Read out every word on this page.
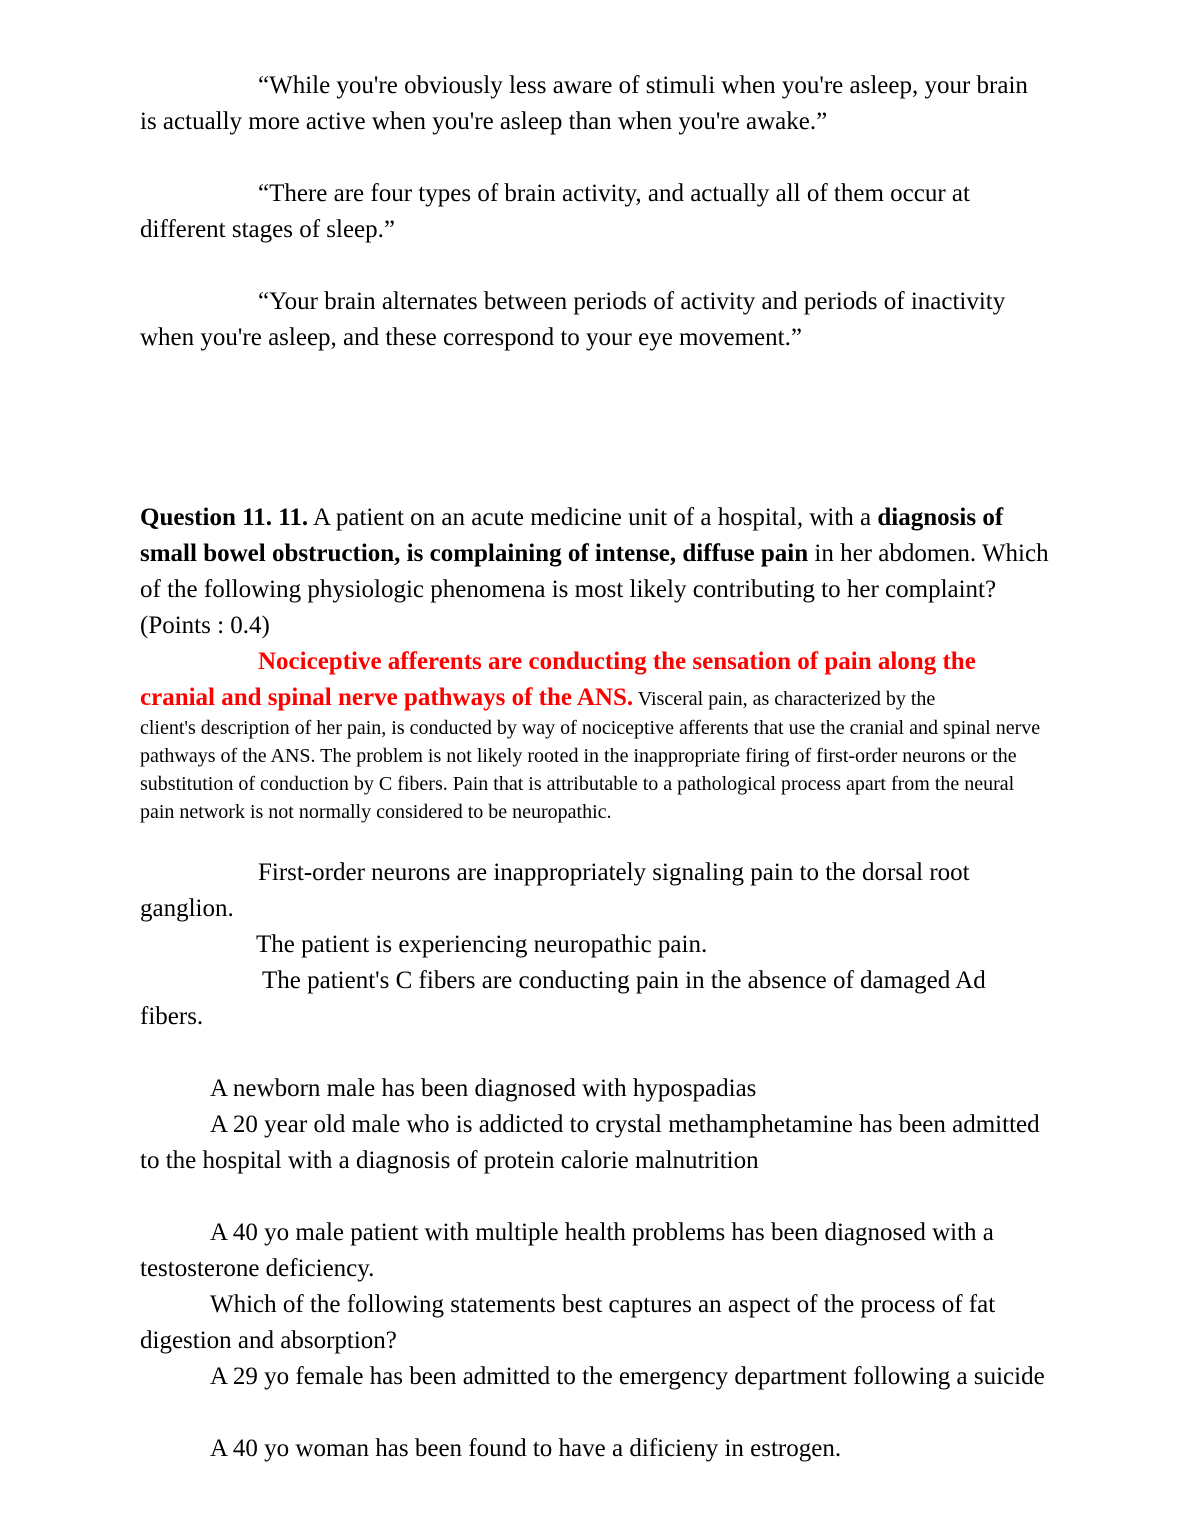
“While you're obviously less aware of stimuli when you're asleep, your brain is actually more active when you're asleep than when you're awake.”

“There are four types of brain activity, and actually all of them occur at different stages of sleep.”

“Your brain alternates between periods of activity and periods of inactivity when you're asleep, and these correspond to your eye movement.”

Question 11. 11. A patient on an acute medicine unit of a hospital, with a diagnosis of small bowel obstruction, is complaining of intense, diffuse pain in her abdomen. Which of the following physiologic phenomena is most likely contributing to her complaint? (Points : 0.4)

Nociceptive afferents are conducting the sensation of pain along the cranial and spinal nerve pathways of the ANS. Visceral pain, as characterized by the

client's description of her pain, is conducted by way of nociceptive afferents that use the cranial and spinal nerve pathways of the ANS. The problem is not likely rooted in the inappropriate firing of first-order neurons or the substitution of conduction by C fibers. Pain that is attributable to a pathological process apart from the neural pain network is not normally considered to be neuropathic.

First-order neurons are inappropriately signaling pain to the dorsal root ganglion.

The patient is experiencing neuropathic pain.

The patient's C fibers are conducting pain in the absence of damaged Ad fibers.

A newborn male has been diagnosed with hypospadias

A 20 year old male who is addicted to crystal methamphetamine has been admitted to the hospital with a diagnosis of protein calorie malnutrition

A 40 yo male patient with multiple health problems has been diagnosed with a testosterone deficiency.

Which of the following statements best captures an aspect of the process of fat digestion and absorption?

A 29 yo female has been admitted to the emergency department following a suicide

A 40 yo woman has been found to have a dificieny in estrogen.
